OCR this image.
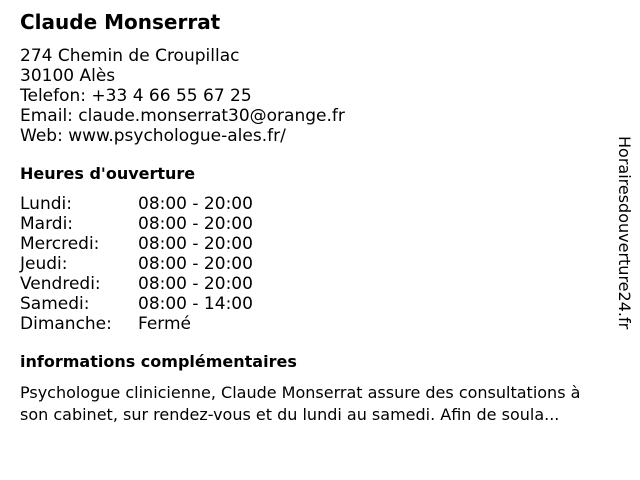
Claude Monserrat
274 Chemin de Croupillac
30100 Alès
Telefon: +33 4 66 55 67 25
Email: claude.monserrat30@orange.fr
Web: www.psychologue-ales.fr/
Heures d'ouverture
Lundi:	08:00 - 20:00
Mardi:	08:00 - 20:00
Mercredi:	08:00 - 20:00
Jeudi:	08:00 - 20:00
Vendredi:	08:00 - 20:00
Samedi:	08:00 - 14:00
Dimanche:	Fermé
informations complémentaires
Psychologue clinicienne, Claude Monserrat assure des consultations à
son cabinet, sur rendez-vous et du lundi au samedi. Afin de soula...
Horairesdouverture24.fr
